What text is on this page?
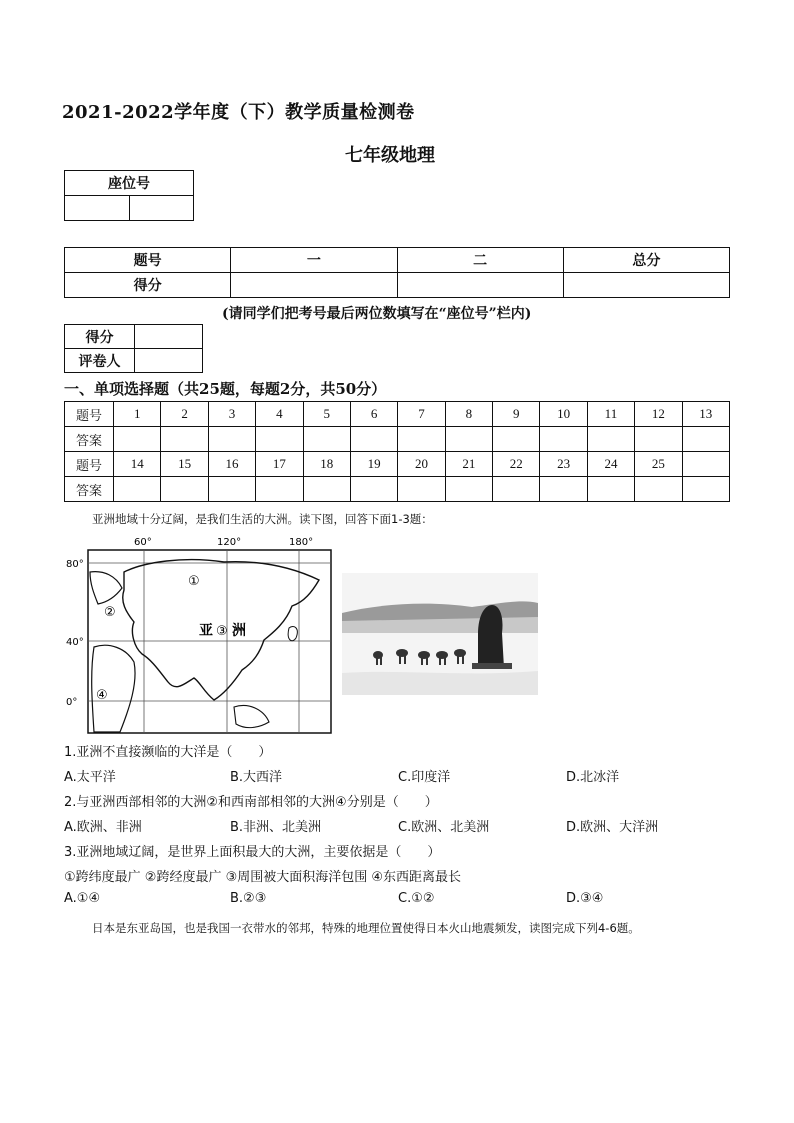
2021-2022学年度（下）教学质量检测卷
七年级地理
座位号

题号	一	二	总分
得分			
(请同学们把考号最后两位数填写在“座位号”栏内)
得分	
评卷人	
一、单项选择题（共25题，每题2分，共50分）
题号	1	2	3	4	5	6	7	8	9	10	11	12	13
答案													
题号	14	15	16	17	18	19	20	21	22	23	24	25	
答案													
亚洲地域十分辽阔，是我们生活的大洲。读下图，回答下面1-3题：
60°	120°	180°
80°
40°
0°
①
②
亚 ③ 洲
④
1.亚洲不直接濒临的大洋是（　　）
A.太平洋	B.大西洋	C.印度洋	D.北冰洋
2.与亚洲西部相邻的大洲②和西南部相邻的大洲④分别是（　　）
A.欧洲、非洲	B.非洲、北美洲	C.欧洲、北美洲	D.欧洲、大洋洲
3.亚洲地域辽阔，是世界上面积最大的大洲，主要依据是（　　）
①跨纬度最广 ②跨经度最广 ③周围被大面积海洋包围 ④东西距离最长
A.①④	B.②③	C.①②	D.③④
日本是东亚岛国，也是我国一衣带水的邻邦，特殊的地理位置使得日本火山地震频发，读图完成下列4-6题。
